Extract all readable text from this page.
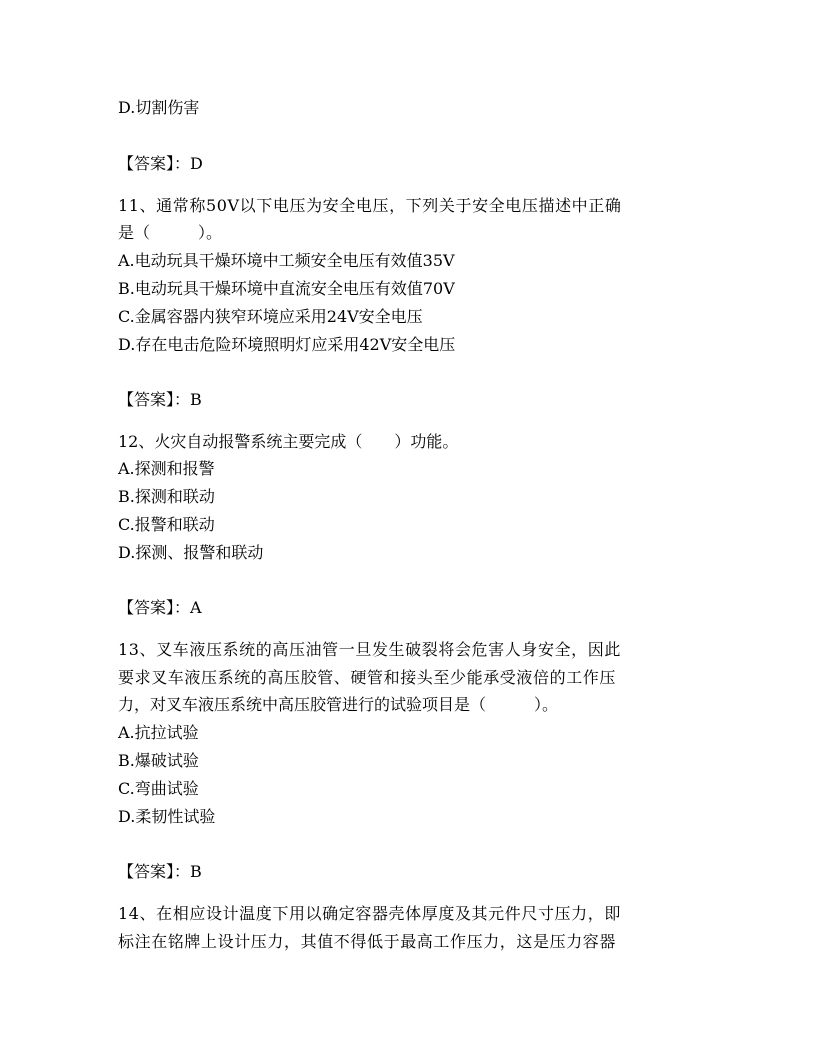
D.切割伤害
【答案】：D
11、通常称50V以下电压为安全电压，下列关于安全电压描述中正确
是（　　　）。
A.电动玩具干燥环境中工频安全电压有效值35V
B.电动玩具干燥环境中直流安全电压有效值70V
C.金属容器内狭窄环境应采用24V安全电压
D.存在电击危险环境照明灯应采用42V安全电压
【答案】：B
12、火灾自动报警系统主要完成（　　）功能。
A.探测和报警
B.探测和联动
C.报警和联动
D.探测、报警和联动
【答案】：A
13、叉车液压系统的高压油管一旦发生破裂将会危害人身安全，因此
要求叉车液压系统的高压胶管、硬管和接头至少能承受液倍的工作压
力，对叉车液压系统中高压胶管进行的试验项目是（　　　）。
A.抗拉试验
B.爆破试验
C.弯曲试验
D.柔韧性试验
【答案】：B
14、在相应设计温度下用以确定容器壳体厚度及其元件尺寸压力，即
标注在铭牌上设计压力，其值不得低于最高工作压力，这是压力容器
